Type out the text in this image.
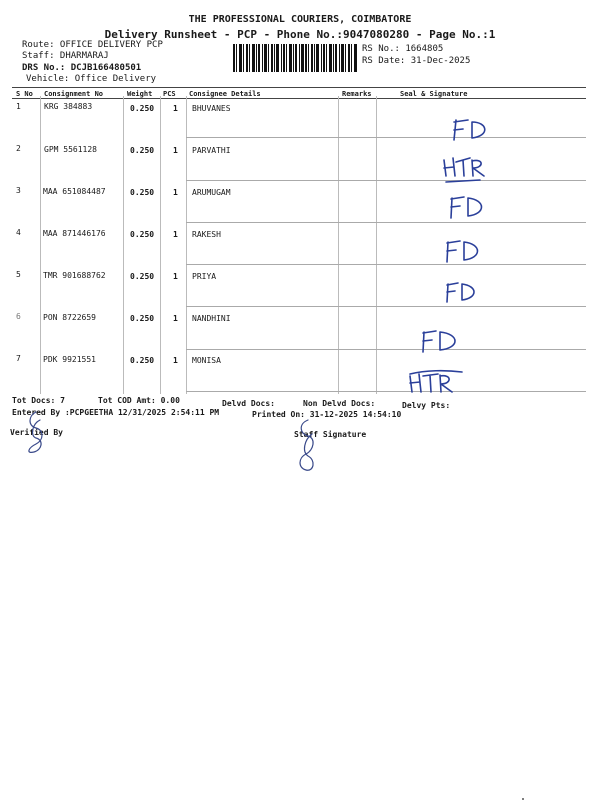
THE PROFESSIONAL COURIERS, COIMBATORE
Delivery Runsheet - PCP - Phone No.:9047080280 - Page No.:1
Route: OFFICE DELIVERY PCP
Staff: DHARMARAJ
DRS No.: DCJB166480501
Vehicle: Office Delivery
RS No.: 1664805
RS Date: 31-Dec-2025
S No Consignment No	Weight PCS Consignee Details	Remarks	Seal & Signature
1	KRG 384883	0.250 1 BHUVANES
2	GPM 5561128	0.250 1 PARVATHI
3	MAA 651084487	0.250 1 ARUMUGAM
4	MAA 871446176	0.250 1 RAKESH
5	TMR 901688762	0.250 1 PRIYA
6	PON 8722659	0.250 1 NANDHINI
7	PDK 9921551	0.250 1 MONISA
Tot Docs: 7	Tot COD Amt: 0.00	Delvd Docs:	Non Delvd Docs:	Delvy Pts:
Entered By :PCPGEETHA 12/31/2025 2:54:11 PM	Printed On: 31-12-2025 14:54:10
Verified By	Staff Signature
